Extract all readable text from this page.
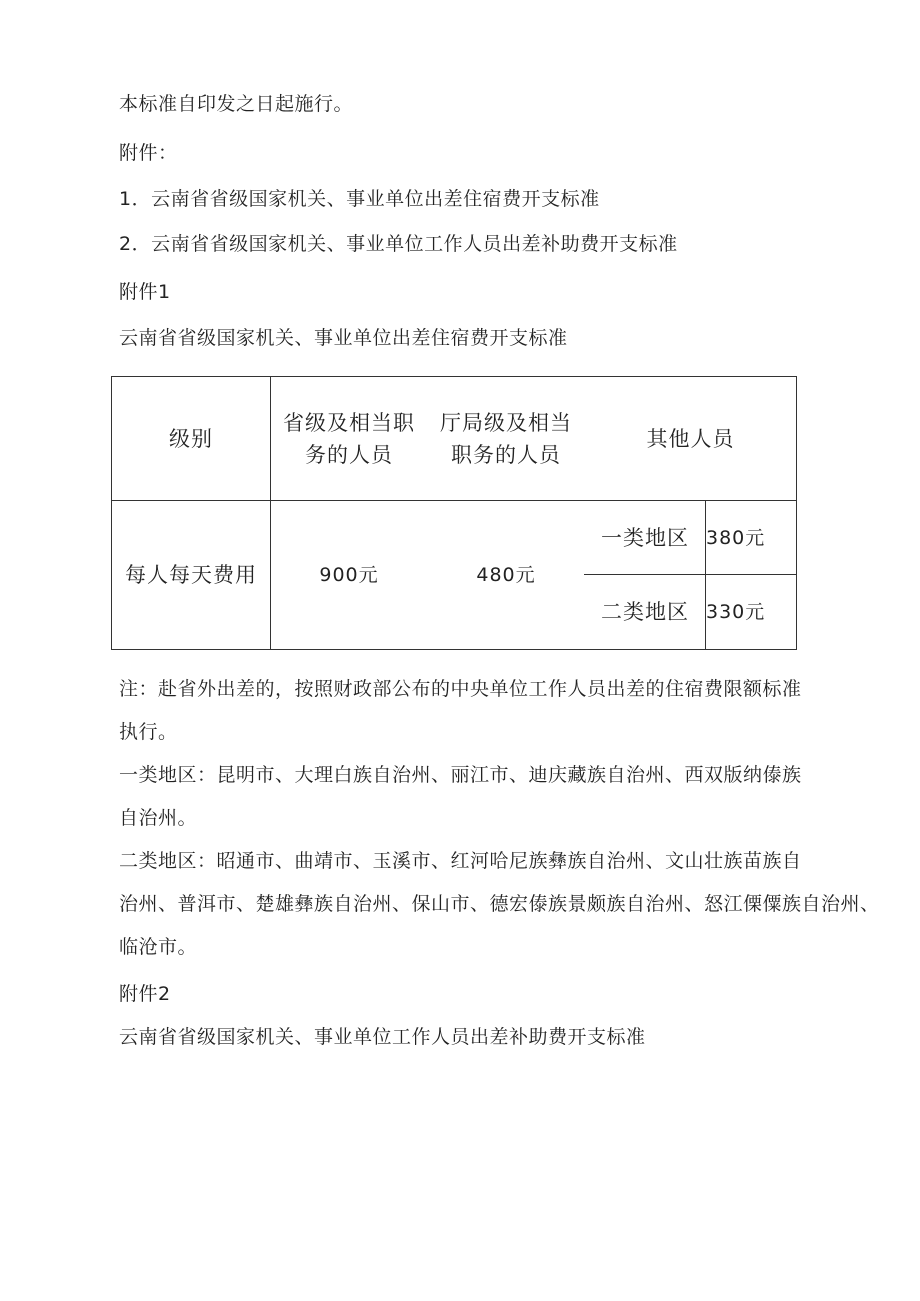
本标准自印发之日起施行。
附件：
1．云南省省级国家机关、事业单位出差住宿费开支标准
2．云南省省级国家机关、事业单位工作人员出差补助费开支标准
附件1
云南省省级国家机关、事业单位出差住宿费开支标准
级别
省级及相当职
务的人员
厅局级及相当
职务的人员
其他人员
每人每天费用	900元	480元
一类地区 380元
二类地区 330元
注：赴省外出差的，按照财政部公布的中央单位工作人员出差的住宿费限额标准
执行。
一类地区：昆明市、大理白族自治州、丽江市、迪庆藏族自治州、西双版纳傣族
自治州。
二类地区：昭通市、曲靖市、玉溪市、红河哈尼族彝族自治州、文山壮族苗族自
治州、普洱市、楚雄彝族自治州、保山市、德宏傣族景颇族自治州、怒江傈僳族自治州、
临沧市。
附件2
云南省省级国家机关、事业单位工作人员出差补助费开支标准
